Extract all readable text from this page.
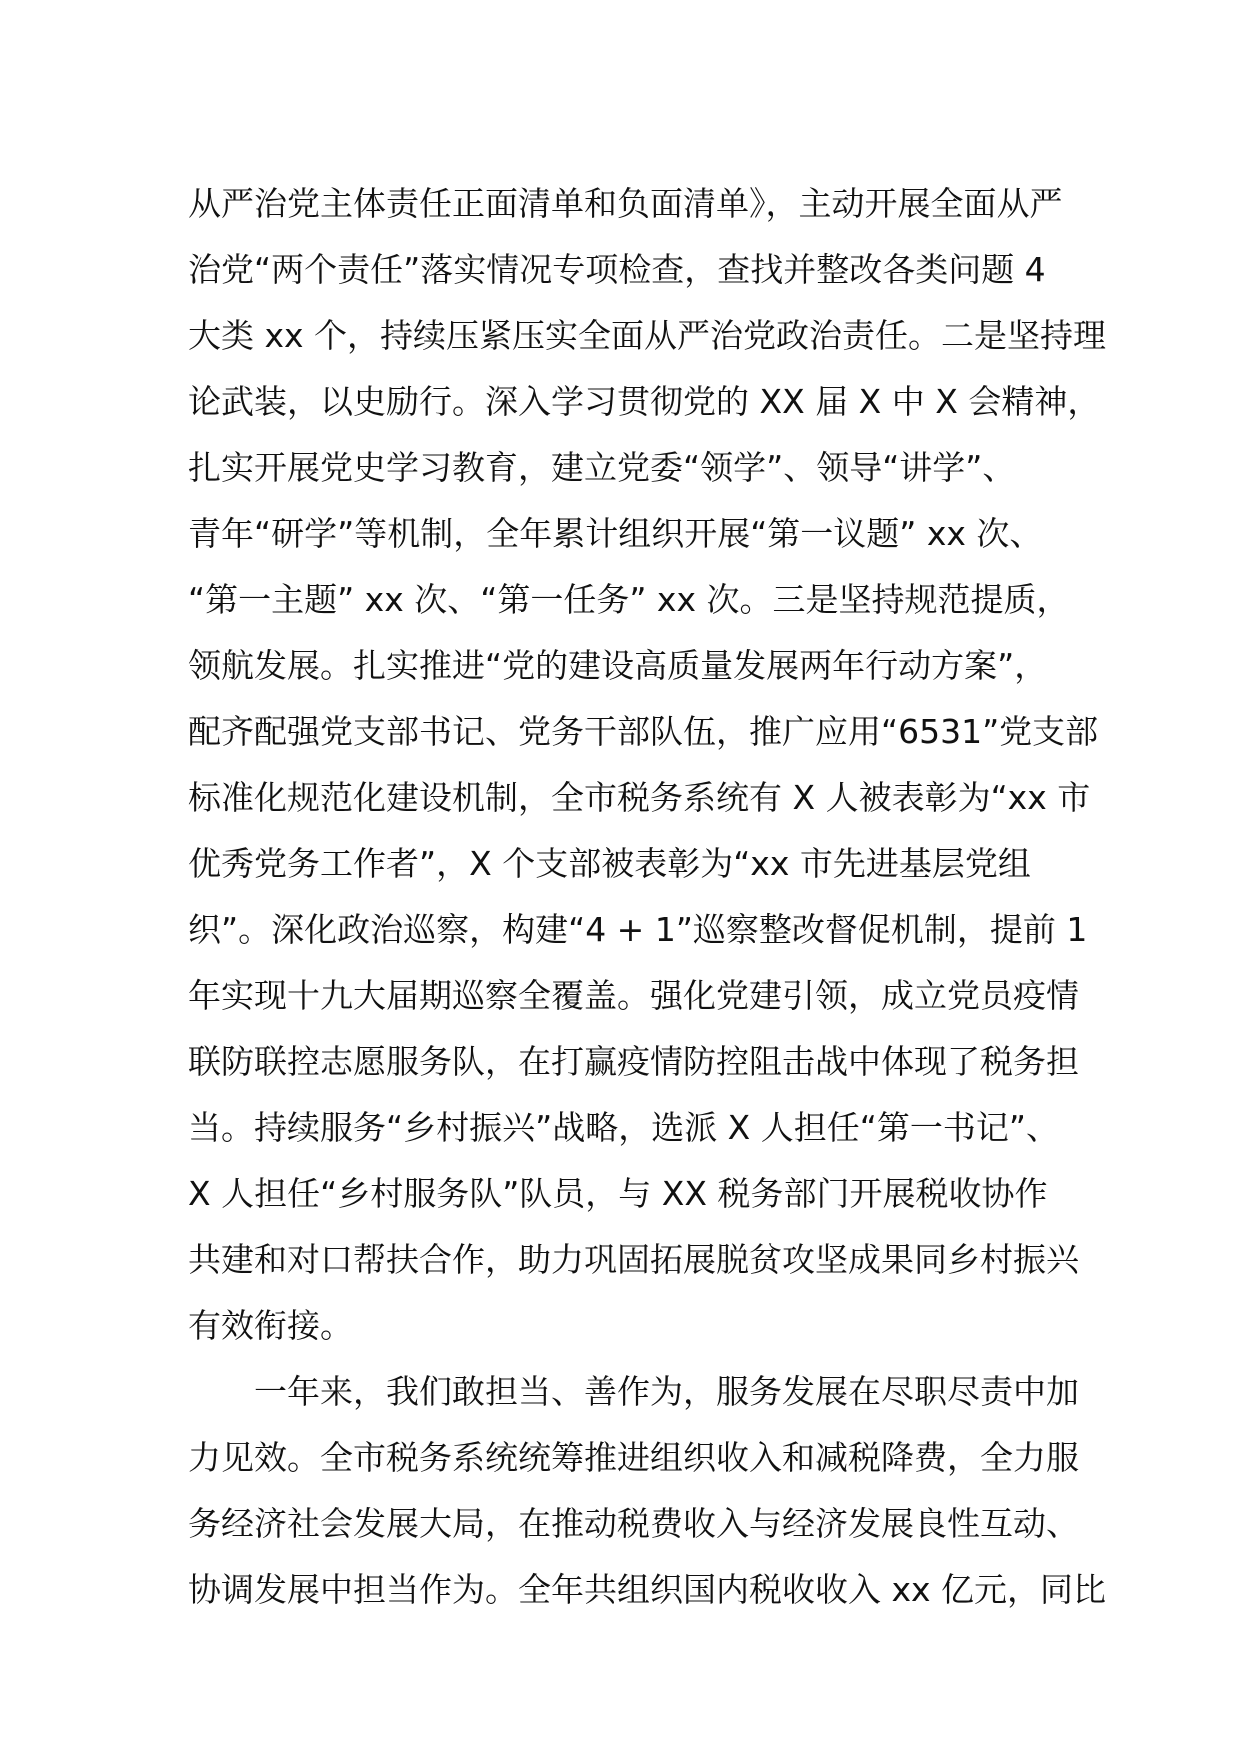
从严治党主体责任正面清单和负面清单》，主动开展全面从严
治党“两个责任”落实情况专项检查，查找并整改各类问题 4
大类 xx 个，持续压紧压实全面从严治党政治责任。二是坚持理
论武装，以史励行。深入学习贯彻党的 XX 届 X 中 X 会精神，
扎实开展党史学习教育，建立党委“领学”、领导“讲学”、
青年“研学”等机制，全年累计组织开展“第一议题” xx 次、
“第一主题” xx 次、“第一任务” xx 次。三是坚持规范提质，
领航发展。扎实推进“党的建设高质量发展两年行动方案”，
配齐配强党支部书记、党务干部队伍，推广应用“6531”党支部
标准化规范化建设机制，全市税务系统有 X 人被表彰为“xx 市
优秀党务工作者”，X 个支部被表彰为“xx 市先进基层党组
织”。深化政治巡察，构建“4 + 1”巡察整改督促机制，提前 1
年实现十九大届期巡察全覆盖。强化党建引领，成立党员疫情
联防联控志愿服务队，在打赢疫情防控阻击战中体现了税务担
当。持续服务“乡村振兴”战略，选派 X 人担任“第一书记”、
X 人担任“乡村服务队”队员，与 XX 税务部门开展税收协作
共建和对口帮扶合作，助力巩固拓展脱贫攻坚成果同乡村振兴
有效衔接。
一年来，我们敢担当、善作为，服务发展在尽职尽责中加
力见效。全市税务系统统筹推进组织收入和减税降费，全力服
务经济社会发展大局，在推动税费收入与经济发展良性互动、
协调发展中担当作为。全年共组织国内税收收入 xx 亿元，同比
